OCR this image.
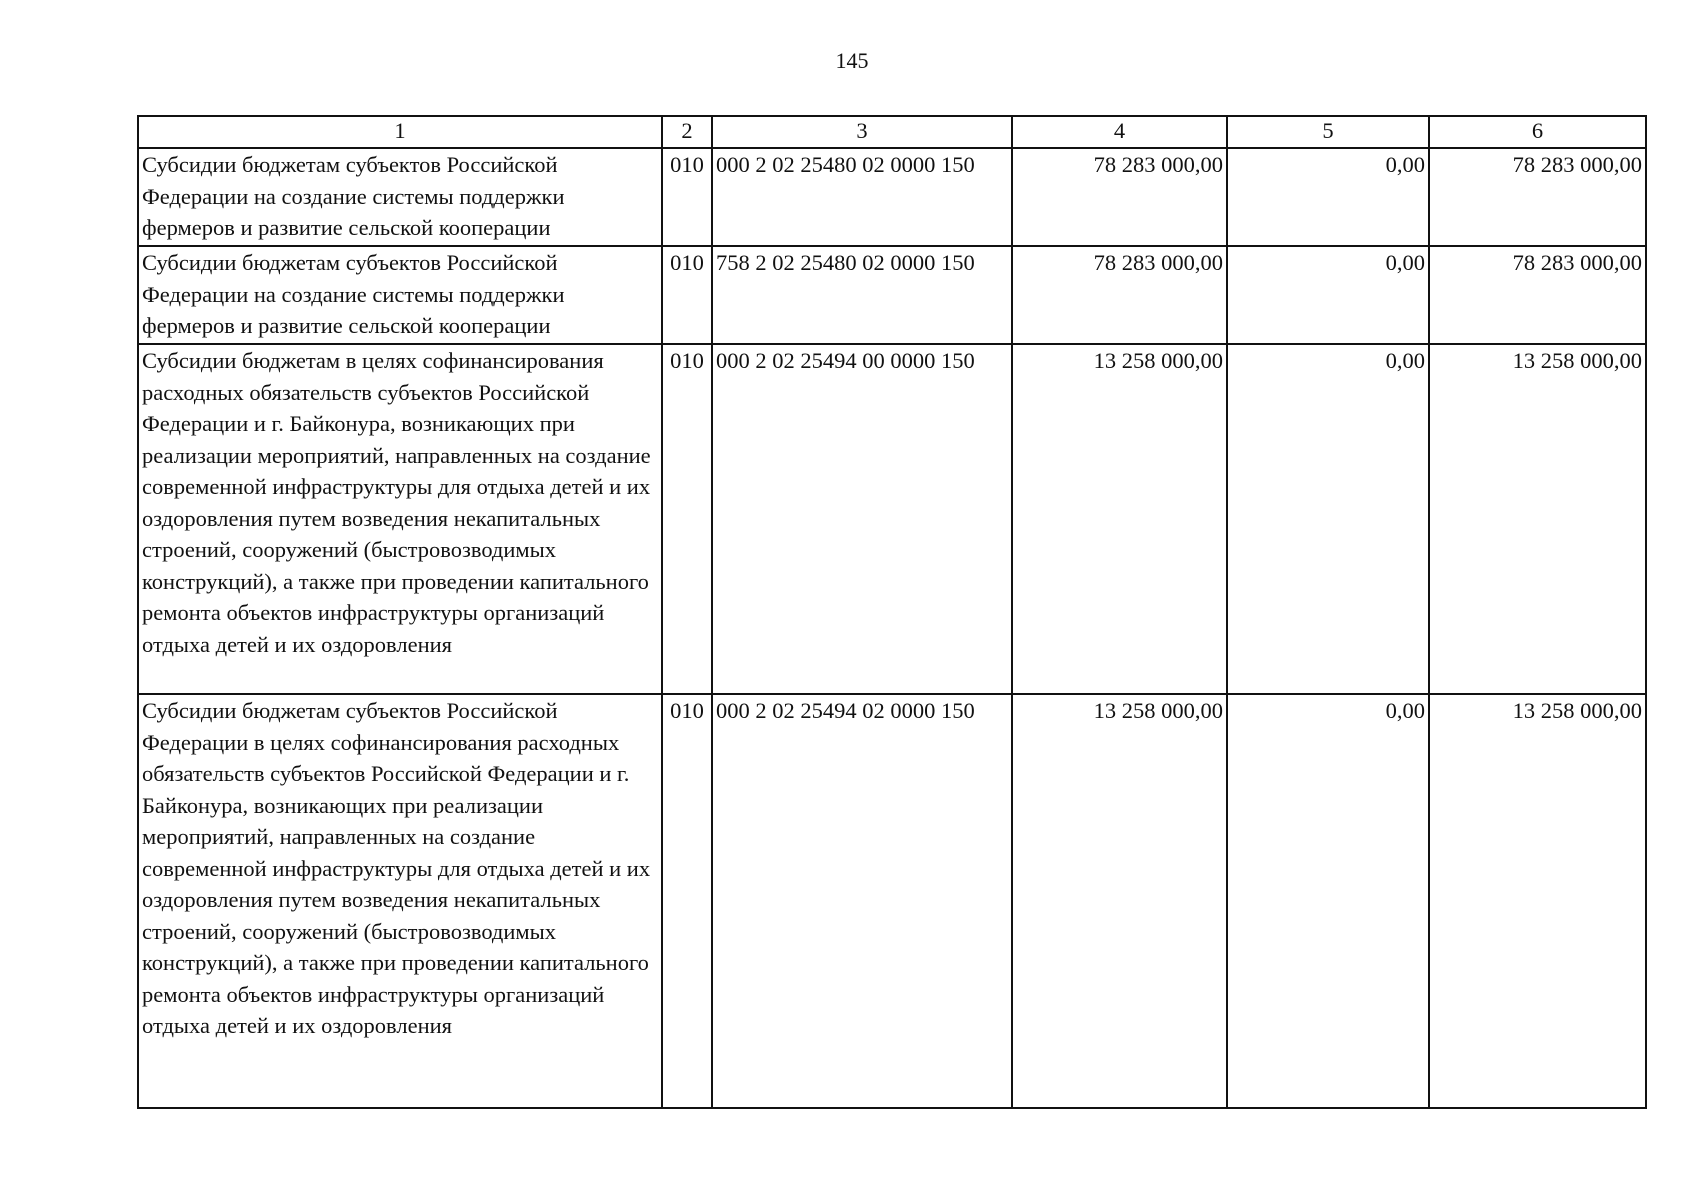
145
1	2	3	4	5	6
Субсидии бюджетам субъектов Российской Федерации на создание системы поддержки фермеров и развитие сельской кооперации	010	000 2 02 25480 02 0000 150	78 283 000,00	0,00	78 283 000,00
Субсидии бюджетам субъектов Российской Федерации на создание системы поддержки фермеров и развитие сельской кооперации	010	758 2 02 25480 02 0000 150	78 283 000,00	0,00	78 283 000,00
Субсидии бюджетам в целях софинансирования расходных обязательств субъектов Российской Федерации и г. Байконура, возникающих при реализации мероприятий, направленных на создание современной инфраструктуры для отдыха детей и их оздоровления путем возведения некапитальных строений, сооружений (быстровозводимых конструкций), а также при проведении капитального ремонта объектов инфраструктуры организаций отдыха детей и их оздоровления	010	000 2 02 25494 00 0000 150	13 258 000,00	0,00	13 258 000,00
Субсидии бюджетам субъектов Российской Федерации в целях софинансирования расходных обязательств субъектов Российской Федерации и г. Байконура, возникающих при реализации мероприятий, направленных на создание современной инфраструктуры для отдыха детей и их оздоровления путем возведения некапитальных строений, сооружений (быстровозводимых конструкций), а также при проведении капитального ремонта объектов инфраструктуры организаций отдыха детей и их оздоровления	010	000 2 02 25494 02 0000 150	13 258 000,00	0,00	13 258 000,00
